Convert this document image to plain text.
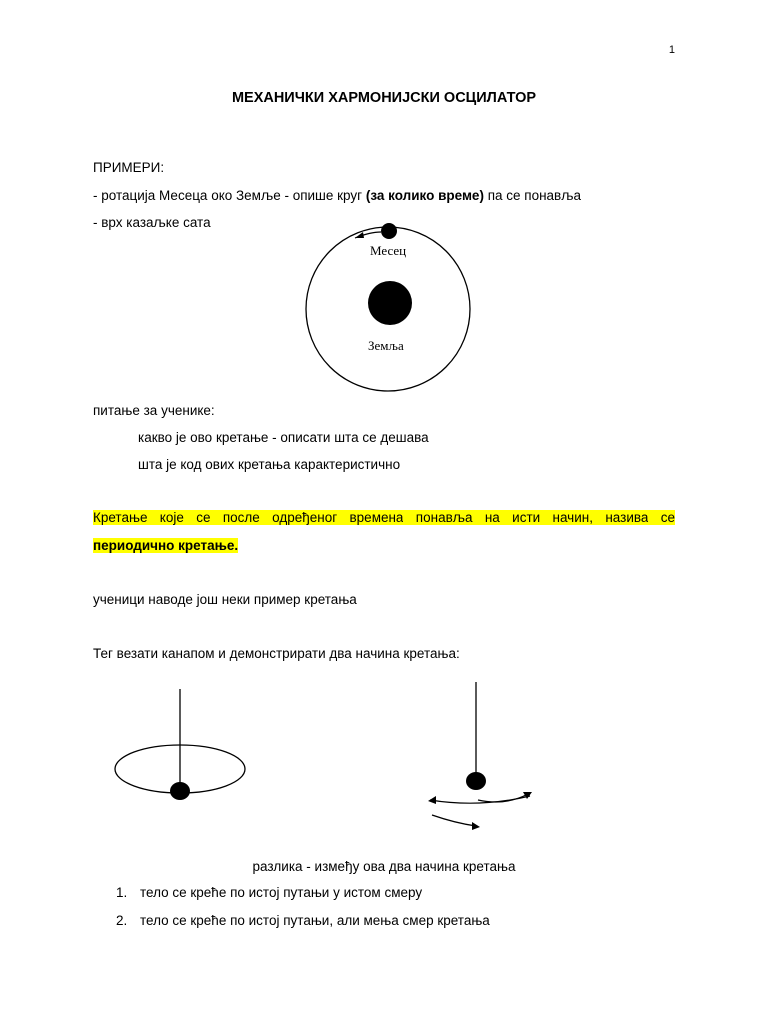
1
МЕХАНИЧКИ ХАРМОНИЈСКИ ОСЦИЛАТОР
ПРИМЕРИ:
- ротација Месеца око Земље - опише круг (за колико време) па се понавља
- врх казаљке сата
Месец
Земља
питање за ученике:
какво је ово кретање - описати шта се дешава
шта је код ових кретања карактеристично
Кретање које се после одређеног времена понавља на исти начин, назива се
периодично кретање.
ученици наводе још неки пример кретања
Тег везати канапом и демонстрирати два начина кретања:
разлика - између ова два начина кретања
1. тело се креће по истој путањи у истом смеру
2. тело се креће по истој путањи, али мења смер кретања
